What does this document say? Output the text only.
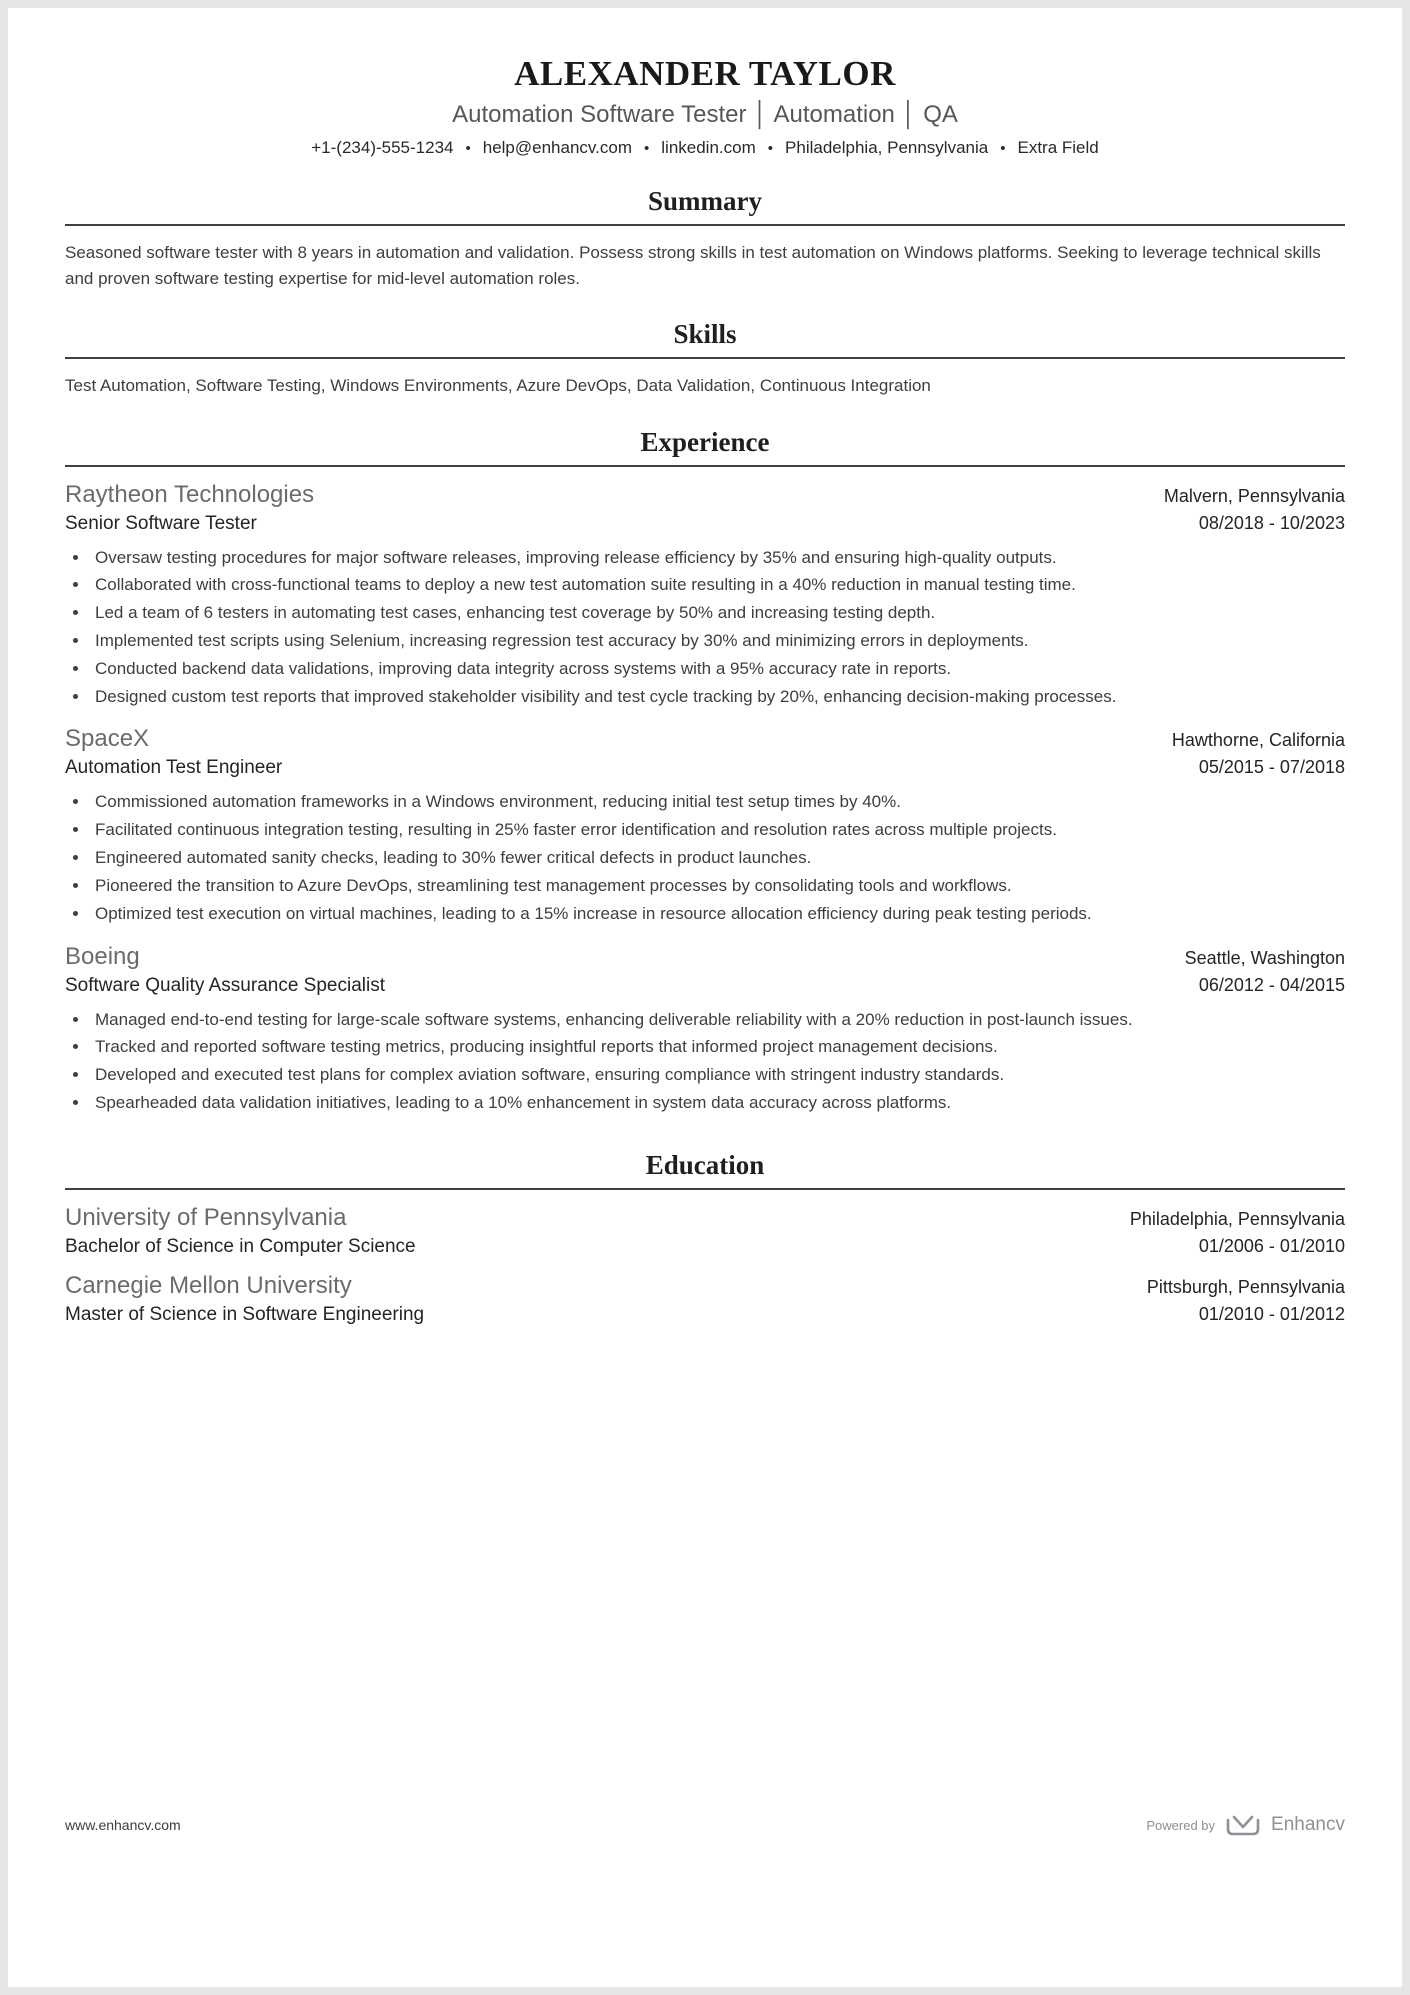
ALEXANDER TAYLOR
Automation Software Tester │ Automation │ QA
+1-(234)-555-1234 • help@enhancv.com • linkedin.com • Philadelphia, Pennsylvania • Extra Field
Summary

Seasoned software tester with 8 years in automation and validation. Possess strong skills in test automation on Windows platforms. Seeking to leverage technical skills and proven software testing expertise for mid-level automation roles.

Skills

Test Automation, Software Testing, Windows Environments, Azure DevOps, Data Validation, Continuous Integration

Experience
Raytheon Technologies	Malvern, Pennsylvania
Senior Software Tester	08/2018 - 10/2023
• Oversaw testing procedures for major software releases, improving release efficiency by 35% and ensuring high-quality outputs.
• Collaborated with cross-functional teams to deploy a new test automation suite resulting in a 40% reduction in manual testing time.
• Led a team of 6 testers in automating test cases, enhancing test coverage by 50% and increasing testing depth.
• Implemented test scripts using Selenium, increasing regression test accuracy by 30% and minimizing errors in deployments.
• Conducted backend data validations, improving data integrity across systems with a 95% accuracy rate in reports.
• Designed custom test reports that improved stakeholder visibility and test cycle tracking by 20%, enhancing decision-making processes.
SpaceX	Hawthorne, California
Automation Test Engineer	05/2015 - 07/2018
• Commissioned automation frameworks in a Windows environment, reducing initial test setup times by 40%.
• Facilitated continuous integration testing, resulting in 25% faster error identification and resolution rates across multiple projects.
• Engineered automated sanity checks, leading to 30% fewer critical defects in product launches.
• Pioneered the transition to Azure DevOps, streamlining test management processes by consolidating tools and workflows.
• Optimized test execution on virtual machines, leading to a 15% increase in resource allocation efficiency during peak testing periods.
Boeing	Seattle, Washington
Software Quality Assurance Specialist	06/2012 - 04/2015
• Managed end-to-end testing for large-scale software systems, enhancing deliverable reliability with a 20% reduction in post-launch issues.
• Tracked and reported software testing metrics, producing insightful reports that informed project management decisions.
• Developed and executed test plans for complex aviation software, ensuring compliance with stringent industry standards.
• Spearheaded data validation initiatives, leading to a 10% enhancement in system data accuracy across platforms.
Education
University of Pennsylvania	Philadelphia, Pennsylvania
Bachelor of Science in Computer Science	01/2006 - 01/2010
Carnegie Mellon University	Pittsburgh, Pennsylvania
Master of Science in Software Engineering	01/2010 - 01/2012
www.enhancv.com	Powered by	Enhancv
